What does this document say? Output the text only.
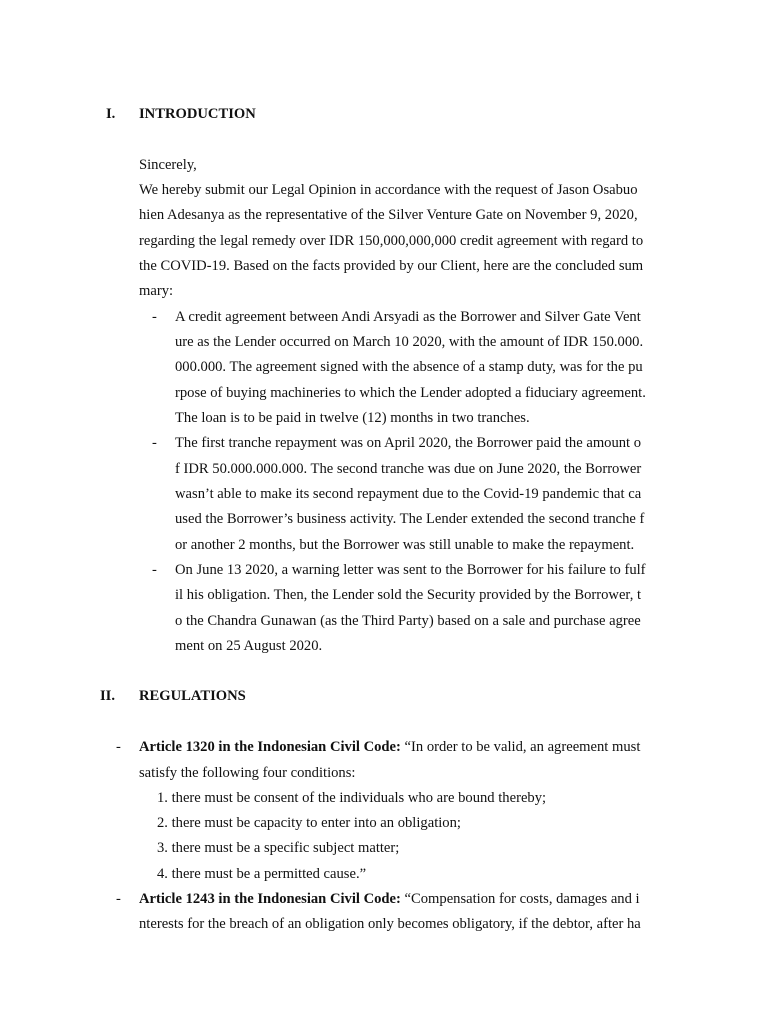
I. INTRODUCTION
Sincerely,
We hereby submit our Legal Opinion in accordance with the request of Jason Osabuo
hien Adesanya as the representative of the Silver Venture Gate on November 9, 2020,
regarding the legal remedy over IDR 150,000,000,000 credit agreement with regard to
the COVID-19. Based on the facts provided by our Client, here are the concluded sum
mary:
- A credit agreement between Andi Arsyadi as the Borrower and Silver Gate Vent
ure as the Lender occurred on March 10 2020, with the amount of IDR 150.000.
000.000. The agreement signed with the absence of a stamp duty, was for the pu
rpose of buying machineries to which the Lender adopted a fiduciary agreement.
The loan is to be paid in twelve (12) months in two tranches.
- The first tranche repayment was on April 2020, the Borrower paid the amount o
f IDR 50.000.000.000. The second tranche was due on June 2020, the Borrower
wasn’t able to make its second repayment due to the Covid-19 pandemic that ca
used the Borrower’s business activity. The Lender extended the second tranche f
or another 2 months, but the Borrower was still unable to make the repayment.
- On June 13 2020, a warning letter was sent to the Borrower for his failure to fulf
il his obligation. Then, the Lender sold the Security provided by the Borrower, t
o the Chandra Gunawan (as the Third Party) based on a sale and purchase agree
ment on 25 August 2020.
II. REGULATIONS
- Article 1320 in the Indonesian Civil Code: “In order to be valid, an agreement must
satisfy the following four conditions:
1. there must be consent of the individuals who are bound thereby;
2. there must be capacity to enter into an obligation;
3. there must be a specific subject matter;
4. there must be a permitted cause.”
- Article 1243 in the Indonesian Civil Code: “Compensation for costs, damages and i
nterests for the breach of an obligation only becomes obligatory, if the debtor, after ha
